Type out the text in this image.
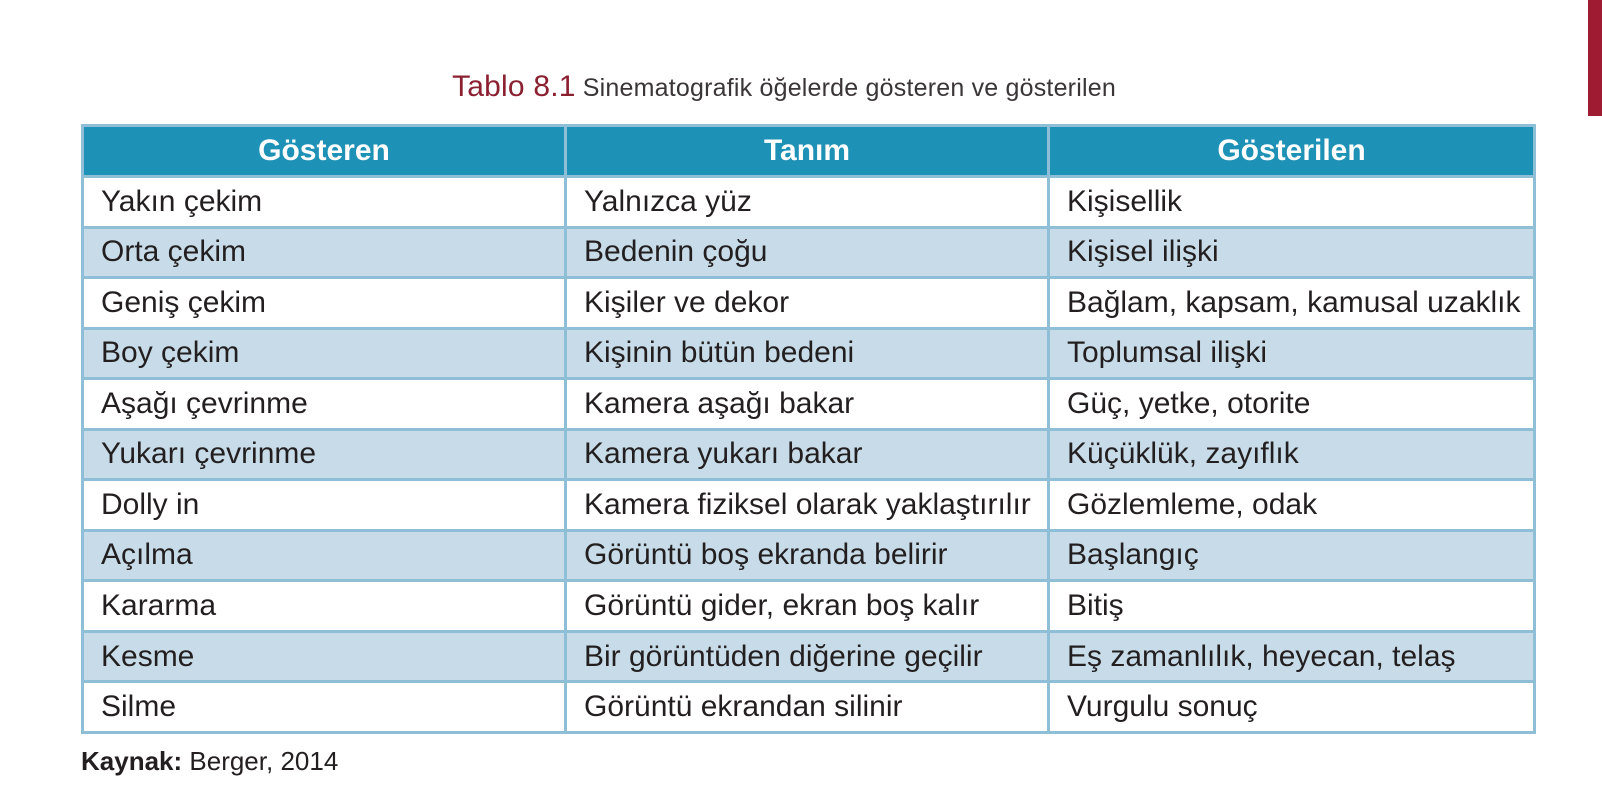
Tablo 8.1 Sinematografik öğelerde gösteren ve gösterilen
Gösteren	Tanım	Gösterilen
Yakın çekim	Yalnızca yüz	Kişisellik
Orta çekim	Bedenin çoğu	Kişisel ilişki
Geniş çekim	Kişiler ve dekor	Bağlam, kapsam, kamusal uzaklık
Boy çekim	Kişinin bütün bedeni	Toplumsal ilişki
Aşağı çevrinme	Kamera aşağı bakar	Güç, yetke, otorite
Yukarı çevrinme	Kamera yukarı bakar	Küçüklük, zayıflık
Dolly in	Kamera fiziksel olarak yaklaştırılır	Gözlemleme, odak
Açılma	Görüntü boş ekranda belirir	Başlangıç
Kararma	Görüntü gider, ekran boş kalır	Bitiş
Kesme	Bir görüntüden diğerine geçilir	Eş zamanlılık, heyecan, telaş
Silme	Görüntü ekrandan silinir	Vurgulu sonuç
Kaynak: Berger, 2014
